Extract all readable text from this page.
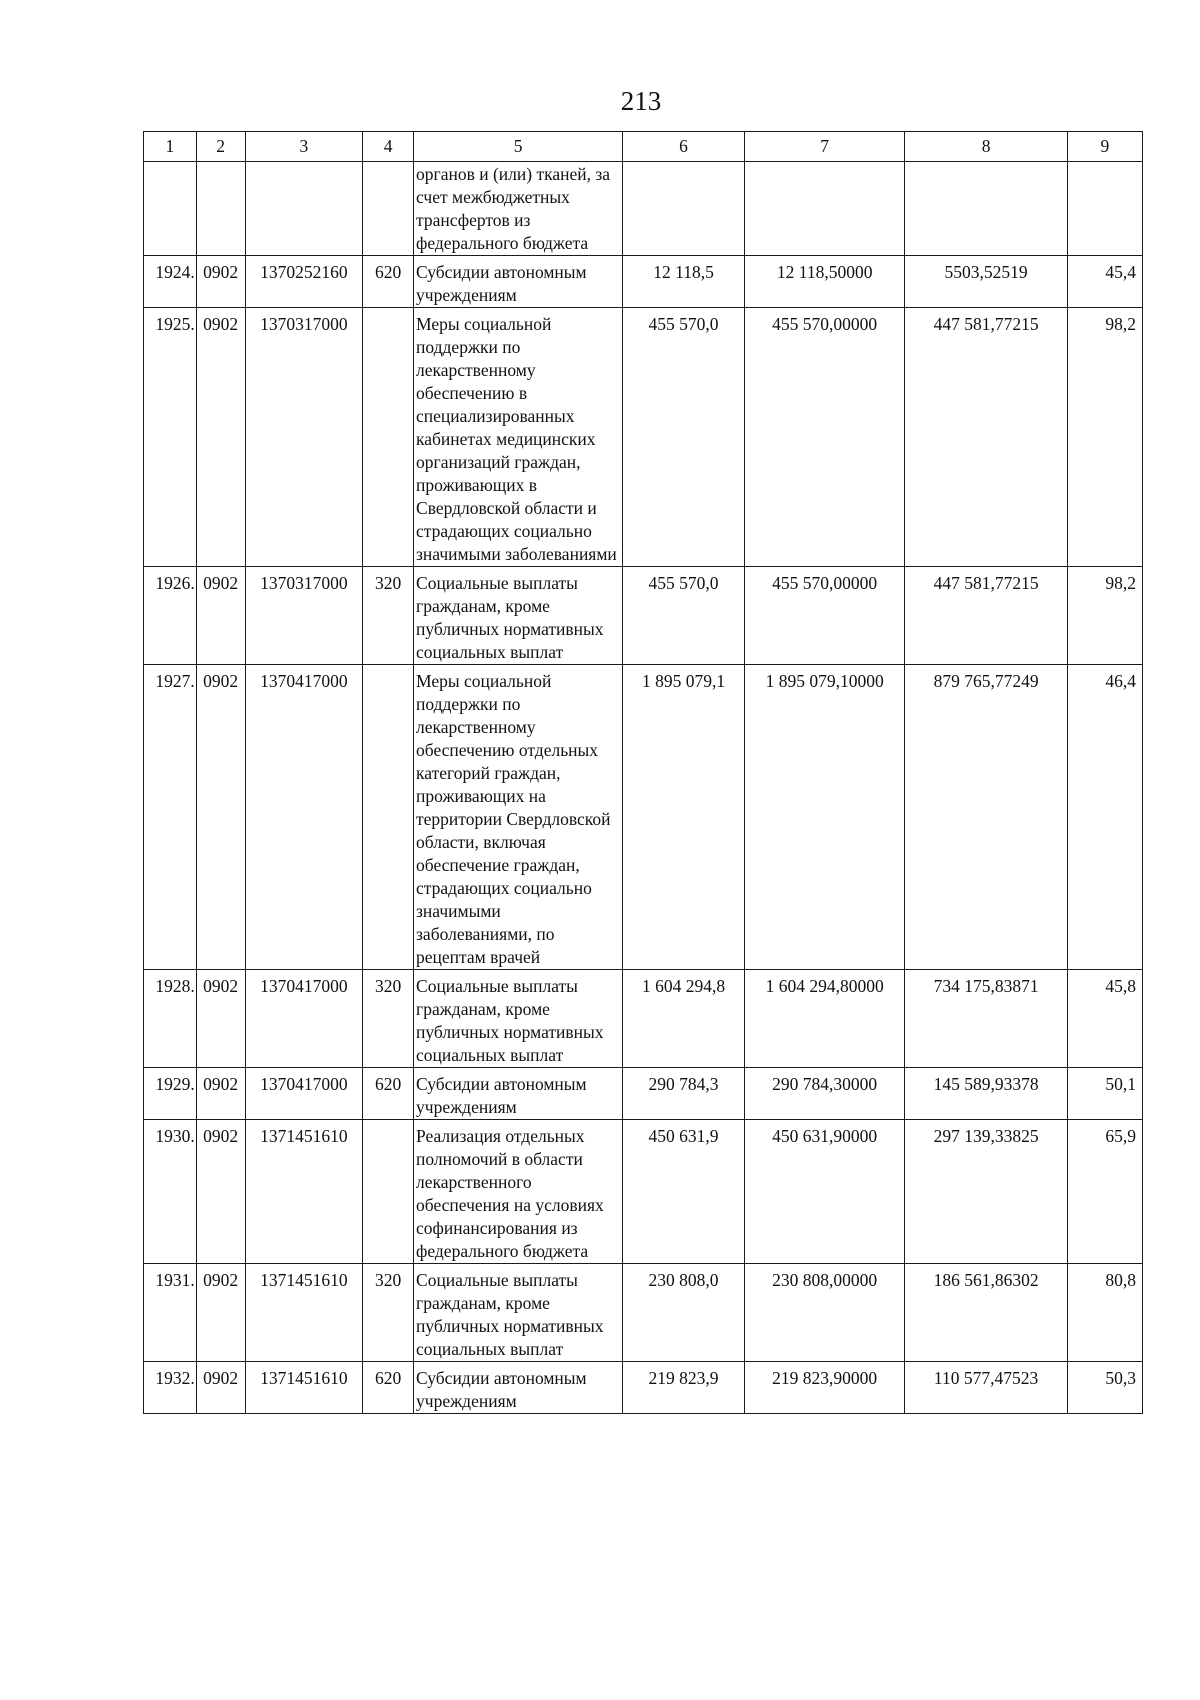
213
1	2	3	4	5	6	7	8	9
				органов и (или) тканей, за счет межбюджетных трансфертов из федерального бюджета				
1924.	0902	1370252160	620	Субсидии автономным учреждениям	12 118,5	12 118,50000	5503,52519	45,4
1925.	0902	1370317000		Меры социальной поддержки по лекарственному обеспечению в специализированных кабинетах медицинских организаций граждан, проживающих в Свердловской области и страдающих социально значимыми заболеваниями	455 570,0	455 570,00000	447 581,77215	98,2
1926.	0902	1370317000	320	Социальные выплаты гражданам, кроме публичных нормативных социальных выплат	455 570,0	455 570,00000	447 581,77215	98,2
1927.	0902	1370417000		Меры социальной поддержки по лекарственному обеспечению отдельных категорий граждан, проживающих на территории Свердловской области, включая обеспечение граждан, страдающих социально значимыми заболеваниями, по рецептам врачей	1 895 079,1	1 895 079,10000	879 765,77249	46,4
1928.	0902	1370417000	320	Социальные выплаты гражданам, кроме публичных нормативных социальных выплат	1 604 294,8	1 604 294,80000	734 175,83871	45,8
1929.	0902	1370417000	620	Субсидии автономным учреждениям	290 784,3	290 784,30000	145 589,93378	50,1
1930.	0902	1371451610		Реализация отдельных полномочий в области лекарственного обеспечения на условиях софинансирования из федерального бюджета	450 631,9	450 631,90000	297 139,33825	65,9
1931.	0902	1371451610	320	Социальные выплаты гражданам, кроме публичных нормативных социальных выплат	230 808,0	230 808,00000	186 561,86302	80,8
1932.	0902	1371451610	620	Субсидии автономным учреждениям	219 823,9	219 823,90000	110 577,47523	50,3
